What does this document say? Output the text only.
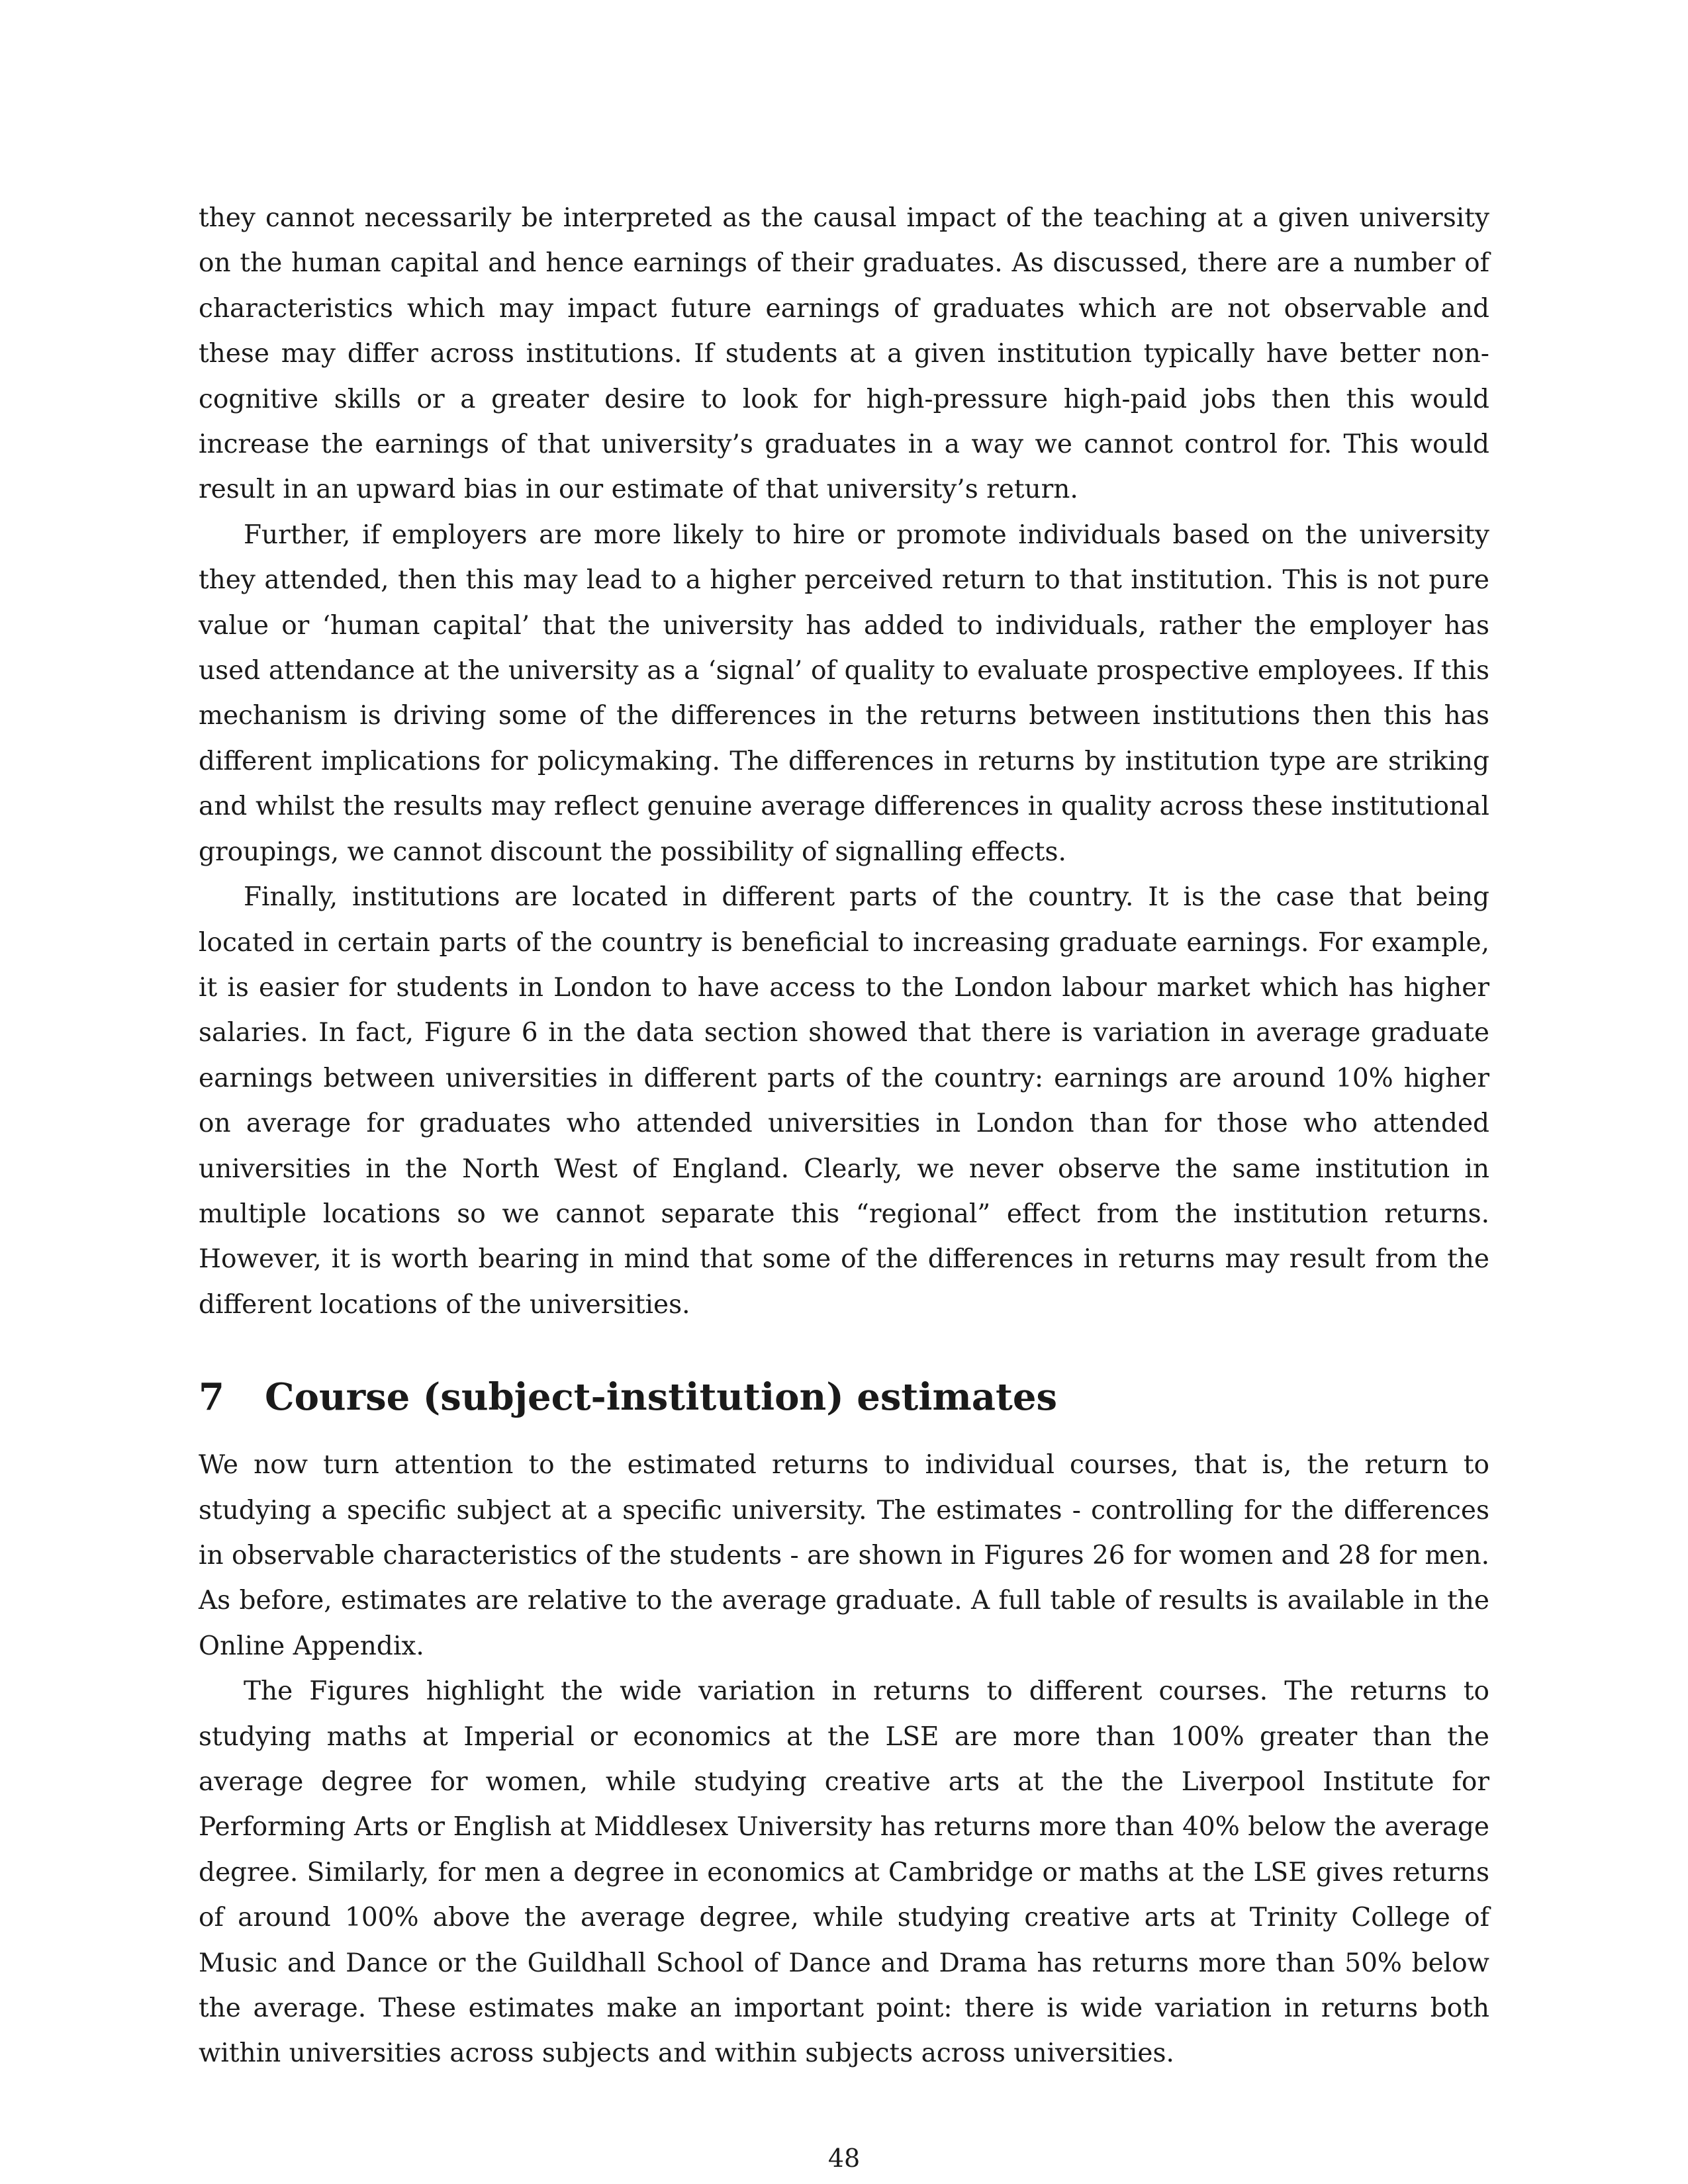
they cannot necessarily be interpreted as the causal impact of the teaching at a given university on the human capital and hence earnings of their graduates. As discussed, there are a number of characteristics which may impact future earnings of graduates which are not observable and these may differ across institutions. If students at a given institution typically have better non-cognitive skills or a greater desire to look for high-pressure high-paid jobs then this would increase the earnings of that university’s graduates in a way we cannot control for. This would result in an upward bias in our estimate of that university’s return.

Further, if employers are more likely to hire or promote individuals based on the university they attended, then this may lead to a higher perceived return to that institution. This is not pure value or ‘human capital’ that the university has added to individuals, rather the employer has used attendance at the university as a ‘signal’ of quality to evaluate prospective employees. If this mechanism is driving some of the differences in the returns between institutions then this has different implications for policymaking. The differences in returns by institution type are striking and whilst the results may reflect genuine average differences in quality across these institutional groupings, we cannot discount the possibility of signalling effects.

Finally, institutions are located in different parts of the country. It is the case that being located in certain parts of the country is beneficial to increasing graduate earnings. For example, it is easier for students in London to have access to the London labour market which has higher salaries. In fact, Figure 6 in the data section showed that there is variation in average graduate earnings between universities in different parts of the country: earnings are around 10% higher on average for graduates who attended universities in London than for those who attended universities in the North West of England. Clearly, we never observe the same institution in multiple locations so we cannot separate this “regional” effect from the institution returns. However, it is worth bearing in mind that some of the differences in returns may result from the different locations of the universities.

7	Course (subject-institution) estimates

We now turn attention to the estimated returns to individual courses, that is, the return to studying a specific subject at a specific university. The estimates - controlling for the differences in observable characteristics of the students - are shown in Figures 26 for women and 28 for men. As before, estimates are relative to the average graduate. A full table of results is available in the Online Appendix.

The Figures highlight the wide variation in returns to different courses. The returns to studying maths at Imperial or economics at the LSE are more than 100% greater than the average degree for women, while studying creative arts at the the Liverpool Institute for Performing Arts or English at Middlesex University has returns more than 40% below the average degree. Similarly, for men a degree in economics at Cambridge or maths at the LSE gives returns of around 100% above the average degree, while studying creative arts at Trinity College of Music and Dance or the Guildhall School of Dance and Drama has returns more than 50% below the average. These estimates make an important point: there is wide variation in returns both within universities across subjects and within subjects across universities.

48
